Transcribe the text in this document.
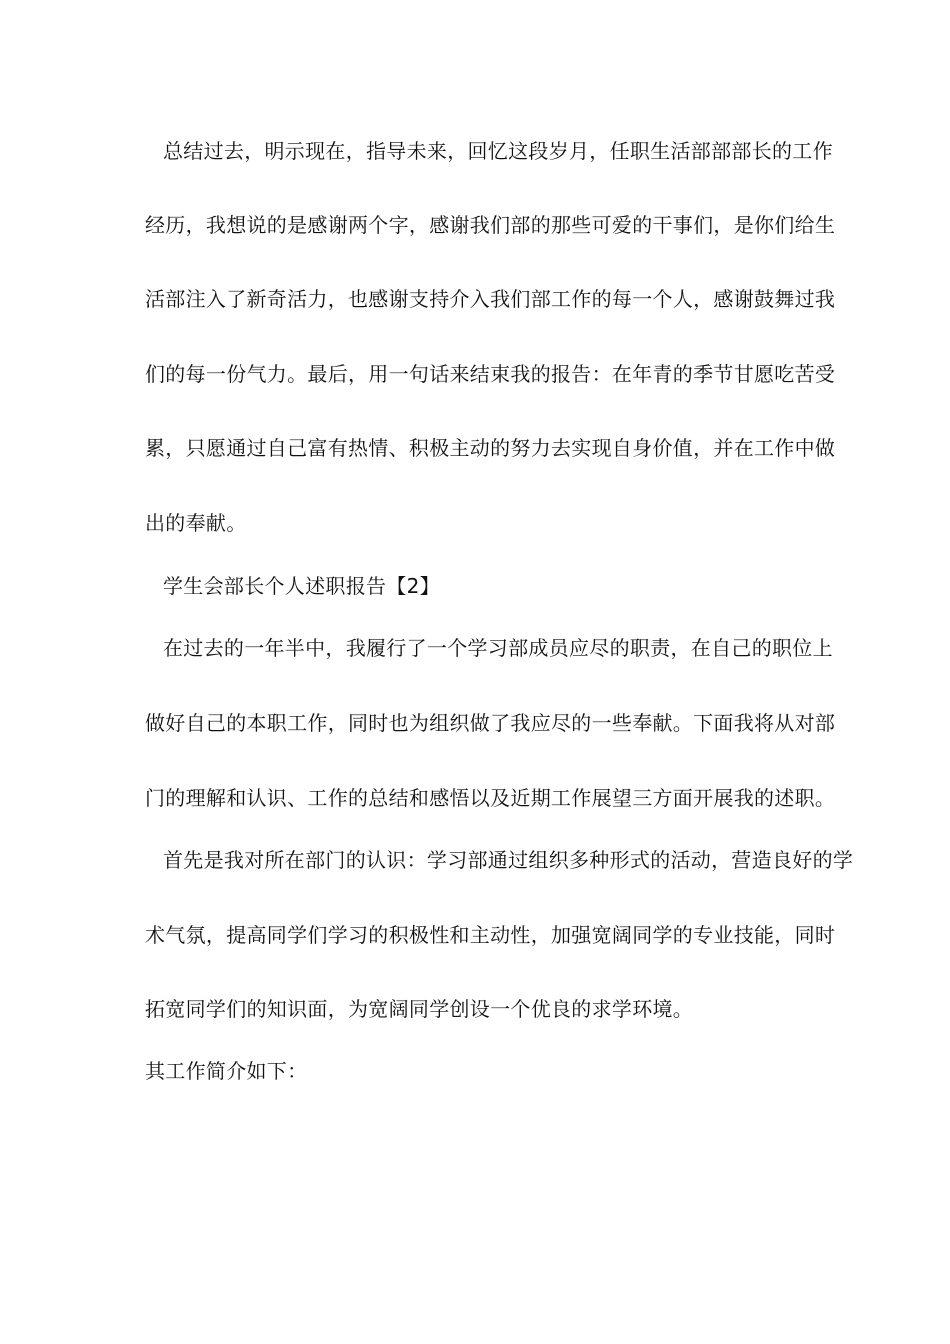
总结过去，明示现在，指导未来，回忆这段岁月，任职生活部部部长的工作
经历，我想说的是感谢两个字，感谢我们部的那些可爱的干事们，是你们给生
活部注入了新奇活力，也感谢支持介入我们部工作的每一个人，感谢鼓舞过我
们的每一份气力。最后，用一句话来结束我的报告：在年青的季节甘愿吃苦受
累，只愿通过自己富有热情、积极主动的努力去实现自身价值，并在工作中做
出的奉献。
学生会部长个人述职报告【2】
在过去的一年半中，我履行了一个学习部成员应尽的职责，在自己的职位上
做好自己的本职工作，同时也为组织做了我应尽的一些奉献。下面我将从对部
门的理解和认识、工作的总结和感悟以及近期工作展望三方面开展我的述职。
首先是我对所在部门的认识：学习部通过组织多种形式的活动，营造良好的学
术气氛，提高同学们学习的积极性和主动性，加强宽阔同学的专业技能，同时
拓宽同学们的知识面，为宽阔同学创设一个优良的求学环境。
其工作简介如下：
